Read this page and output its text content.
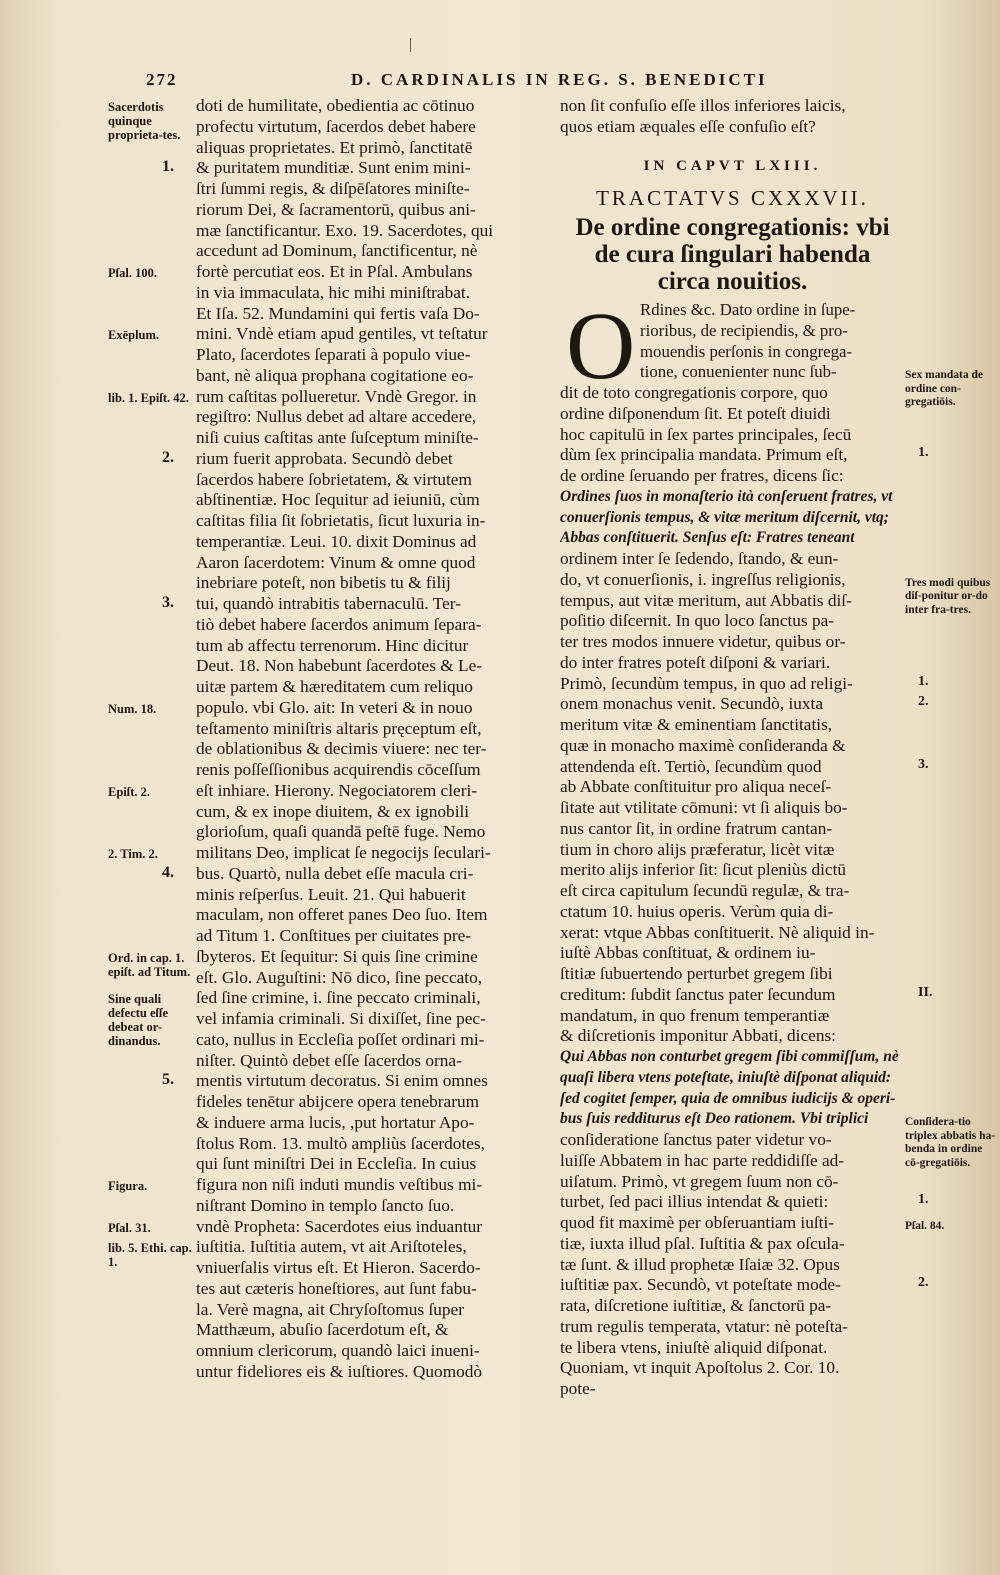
272	D. CARDINALIS IN REG. S. BENEDICTI
doti de humilitate, obedientia ac cōtinuo
profectu virtutum, ſacerdos debet habere
aliquas proprietates. Et primò, ſanctitatē
& puritatem munditiæ. Sunt enim mini-
ſtri ſummi regis, & diſpēſatores miniſte-
riorum Dei, & ſacramentorū, quibus ani-
mæ ſanctificantur. Exo. 19. Sacerdotes, qui
accedunt ad Dominum, ſanctificentur, nè
fortè percutiat eos. Et in Pſal. Ambulans
in via immaculata, hic mihi miniſtrabat.
Et Iſa. 52. Mundamini qui fertis vaſa Do-
mini. Vndè etiam apud gentiles, vt teſtatur
Plato, ſacerdotes ſeparati à populo viue-
bant, nè aliqua prophana cogitatione eo-
rum caſtitas pollueretur. Vndè Gregor. in
regiſtro: Nullus debet ad altare accedere,
niſi cuius caſtitas ante ſuſceptum miniſte-
rium fuerit approbata. Secundò debet
ſacerdos habere ſobrietatem, & virtutem
abſtinentiæ. Hoc ſequitur ad ieiuniū, cùm
caſtitas filia ſit ſobrietatis, ſicut luxuria in-
temperantiæ. Leui. 10. dixit Dominus ad
Aaron ſacerdotem: Vinum & omne quod
inebriare poteſt, non bibetis tu & filij
tui, quandò intrabitis tabernaculū. Ter-
tiò debet habere ſacerdos animum ſepara-
tum ab affectu terrenorum. Hinc dicitur
Deut. 18. Non habebunt ſacerdotes & Le-
uitæ partem & hæreditatem cum reliquo
populo. vbi Glo. ait: In veteri & in nouo
teſtamento miniſtris altaris pręceptum eſt,
de oblationibus & decimis viuere: nec ter-
renis poſſeſſionibus acquirendis cōceſſum
eſt inhiare. Hierony. Negociatorem cleri-
cum, & ex inope diuitem, & ex ignobili
glorioſum, quaſi quandā peſtē fuge. Nemo
militans Deo, implicat ſe negocijs ſeculari-
bus. Quartò, nulla debet eſſe macula cri-
minis reſperſus. Leuit. 21. Qui habuerit
maculam, non offeret panes Deo ſuo. Item
ad Titum 1. Conſtitues per ciuitates pre-
ſbyteros. Et ſequitur: Si quis ſine crimine
eſt. Glo. Auguſtini: Nō dico, ſine peccato,
ſed ſine crimine, i. ſine peccato criminali,
vel infamia criminali. Si dixiſſet, ſine pec-
cato, nullus in Eccleſia poſſet ordinari mi-
niſter. Quintò debet eſſe ſacerdos orna-
mentis virtutum decoratus. Si enim omnes
fideles tenētur abijcere opera tenebrarum
& induere arma lucis, ,put hortatur Apo-
ſtolus Rom. 13. multò ampliùs ſacerdotes,
qui ſunt miniſtri Dei in Eccleſia. In cuius
figura non niſi induti mundis veſtibus mi-
niſtrant Domino in templo ſancto ſuo.
vndè Propheta: Sacerdotes eius induantur
iuſtitia. Iuſtitia autem, vt ait Ariſtoteles,
vniuerſalis virtus eſt. Et Hieron. Sacerdo-
tes aut cæteris honeſtiores, aut ſunt fabu-
la. Verè magna, ait Chryſoſtomus ſuper
Matthæum, abuſio ſacerdotum eſt, &
omnium clericorum, quandò laici inueni-
untur fideliores eis & iuſtiores. Quomodò
Sacerdotis quinque proprieta-tes.
Pſal. 100.
Exēplum.
lib. 1. Epiſt. 42.
Num. 18.
Epiſt. 2.
2. Tim. 2.
Ord. in cap. 1. epiſt. ad Titum.
Sine quali defectu eſſe debeat or-dinandus.
Figura.
Pſal. 31.
lib. 5. Ethi. cap. 1.
1.
2.
3.
4.
5.
non ſit confuſio eſſe illos inferiores laicis,
quos etiam æquales eſſe confuſio eſt?
IN CAPVT LXIII.
TRACTATVS CXXXVII.
De ordine congregationis: vbi
de cura ſingulari habenda
circa nouitios.
O Rdines &c. Dato ordine in ſupe-
rioribus, de recipiendis, & pro-
mouendis perſonis in congrega-
tione, conuenienter nunc ſub-
dit de toto congregationis corpore, quo
ordine diſponendum ſit. Et poteſt diuidi
hoc capitulū in ſex partes principales, ſecū
dùm ſex principalia mandata. Primum eſt,
de ordine ſeruando per fratres, dicens ſic:
Ordines ſuos in monaſterio ità conſeruent fratres, vt
conuerſionis tempus, & vitæ meritum diſcernit, vtq;
Abbas conſtituerit. Senſus eſt: Fratres teneant
ordinem inter ſe ſedendo, ſtando, & eun-
do, vt conuerſionis, i. ingreſſus religionis,
tempus, aut vitæ meritum, aut Abbatis diſ-
poſitio diſcernit. In quo loco ſanctus pa-
ter tres modos innuere videtur, quibus or-
do inter fratres poteſt diſponi & variari.
Primò, ſecundùm tempus, in quo ad religi-
onem monachus venit. Secundò, iuxta
meritum vitæ & eminentiam ſanctitatis,
quæ in monacho maximè conſideranda &
attendenda eſt. Tertiò, ſecundùm quod
ab Abbate conſtituitur pro aliqua neceſ-
ſitate aut vtilitate cōmuni: vt ſi aliquis bo-
nus cantor ſit, in ordine fratrum cantan-
tium in choro alijs præferatur, licèt vitæ
merito alijs inferior ſit: ſicut pleniùs dictū
eſt circa capitulum ſecundū regulæ, & tra-
ctatum 10. huius operis. Verùm quia di-
xerat: vtque Abbas conſtituerit. Nè aliquid in-
iuſtè Abbas conſtituat, & ordinem iu-
ſtitiæ ſubuertendo perturbet gregem ſibi
creditum: ſubdit ſanctus pater ſecundum
mandatum, in quo frenum temperantiæ
& diſcretionis imponitur Abbati, dicens:
Qui Abbas non conturbet gregem ſibi commiſſum, nè
quaſi libera vtens poteſtate, iniuſtè diſponat aliquid:
ſed cogitet ſemper, quia de omnibus iudicijs & operi-
bus ſuis redditurus eſt Deo rationem. Vbi triplici
conſideratione ſanctus pater videtur vo-
luiſſe Abbatem in hac parte reddidiſſe ad-
uiſatum. Primò, vt gregem ſuum non cō-
turbet, ſed paci illius intendat & quieti:
quod fit maximè per obſeruantiam iuſti-
tiæ, iuxta illud pſal. Iuſtitia & pax oſcula-
tæ ſunt. & illud prophetæ Iſaiæ 32. Opus
iuſtitiæ pax. Secundò, vt poteſtate mode-
rata, diſcretione iuſtitiæ, & ſanctorū pa-
trum regulis temperata, vtatur: nè poteſta-
te libera vtens, iniuſtè aliquid diſponat.
Quoniam, vt inquit Apoſtolus 2. Cor. 10.
pote-
Sex mandata de ordine con-gregatiōis.
Tres modi quibus diſ-ponitur or-do inter fra-tres.
Conſidera-tio triplex abbatis ha-benda in ordine cō-gregatiōis.
Pſal. 84.
1.
1.
2.
3.
II.
1.
2.
